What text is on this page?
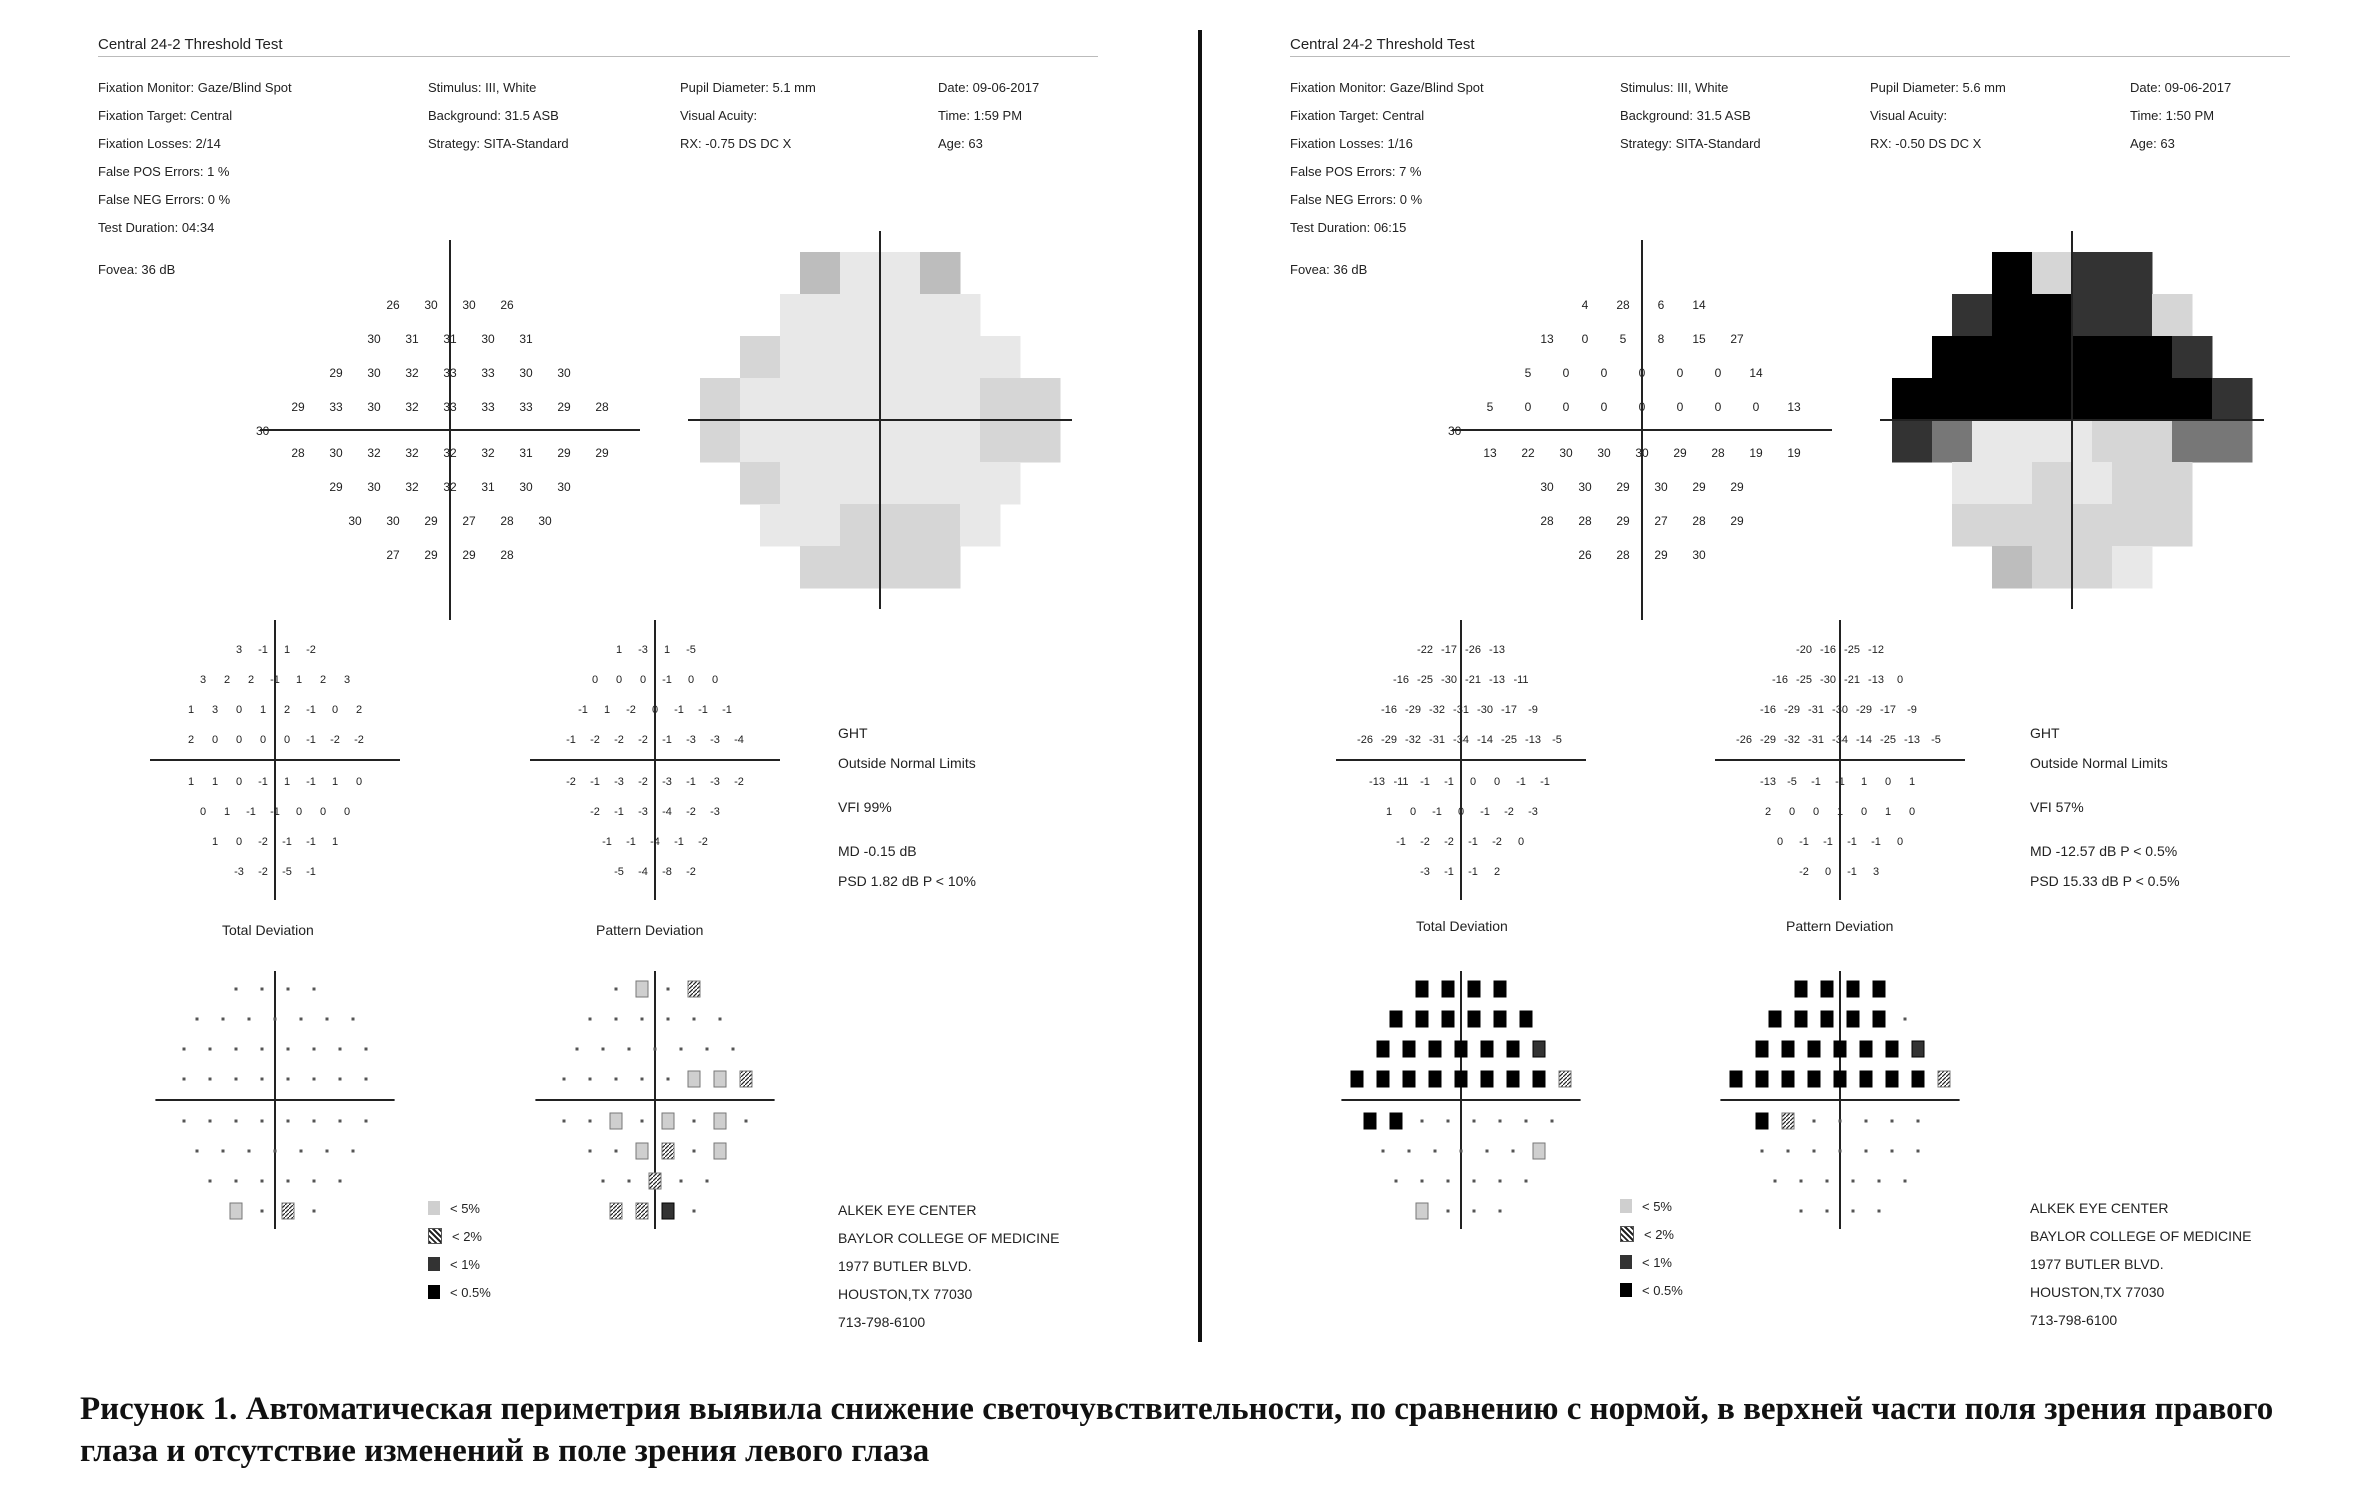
Central 24-2 Threshold Test
Fixation Monitor: Gaze/Blind Spot
Fixation Target: Central
Fixation Losses: 2/14
False POS Errors: 1 %
False NEG Errors: 0 %
Test Duration: 04:34
Stimulus: III, White
Background: 31.5 ASB
Strategy: SITA-Standard
Pupil Diameter: 5.1 mm
Visual Acuity:
RX: -0.75 DS DC X
Date: 09-06-2017
Time: 1:59 PM
Age: 63
Fovea: 36 dB
30
26 30 30 26
30 31 31 30 31
29 30 32 33 33 30 30
29 33 30 32 33 33 33 29 28
28 30 32 32 32 32 31 29 29
29 30 32 32 31 30 30
30 30 29 27 28 30
27 29 29 28
3 -1 1 -2
3 2 2 -1 1 2 3
1 3 0 1 2 -1 0 2
2 0 0 0 0 -1 -2 -2
1 1 0 -1 1 -1 1 0
0 1 -1 -1 0 0 0
1 0 -2 -1 -1 1
-3 -2 -5 -1
1 -3 1 -5
0 0 0 -1 0 0
-1 1 -2 0 -1 -1 -1
-1 -2 -2 -2 -1 -3 -3 -4
-2 -1 -3 -2 -3 -1 -3 -2
-2 -1 -3 -4 -2 -3
-1 -1 -4 -1 -2
-5 -4 -8 -2
GHT
Outside Normal Limits
VFI 99%
MD -0.15 dB
PSD 1.82 dB P < 10%
Total Deviation	Pattern Deviation
< 5%
< 2%
< 1%
< 0.5%
ALKEK EYE CENTER
BAYLOR COLLEGE OF MEDICINE
1977 BUTLER BLVD.
HOUSTON,TX 77030
713-798-6100
Central 24-2 Threshold Test
Fixation Monitor: Gaze/Blind Spot
Fixation Target: Central
Fixation Losses: 1/16
False POS Errors: 7 %
False NEG Errors: 0 %
Test Duration: 06:15
Stimulus: III, White
Background: 31.5 ASB
Strategy: SITA-Standard
Pupil Diameter: 5.6 mm
Visual Acuity:
RX: -0.50 DS DC X
Date: 09-06-2017
Time: 1:50 PM
Age: 63
Fovea: 36 dB
30
4 28 6 14
13 0	5	8 15 27
5	0	0	0	0	0 14
5	0	0	0	0	0	0	0 13
13 22 30 30 30 29 28 19 19
30 30 29 30 29 29
28 28 29 27 28 29
26 28 29 30
-22 -17 -26 -13
-16 -25 -30 -21 -13 -11
-16 -29 -32 -31 -30 -17 -9
-26 -29 -32 -31 -34 -14 -25 -13 -5
-13 -11 -1 -1 0 0 -1 -1
1 0 -1 0 -1 -2 -3
-1 -2 -2 -1 -2 0
-3 -1 -1 2
-20 -16 -25 -12
-16 -25 -30 -21 -13 0
-16 -29 -31 -30 -29 -17 -9
-26 -29 -32 -31 -34 -14 -25 -13 -5
-13 -5 -1 -1 1 0 1
2 0 0 1 0 1 0
0 -1 -1 -1 -1 0
-2 0 -1 3
GHT
Outside Normal Limits
VFI 57%
MD -12.57 dB P < 0.5%
PSD 15.33 dB P < 0.5%
Total Deviation	Pattern Deviation
< 5%
< 2%
< 1%
< 0.5%
ALKEK EYE CENTER
BAYLOR COLLEGE OF MEDICINE
1977 BUTLER BLVD.
HOUSTON,TX 77030
713-798-6100
Рисунок 1. Автоматическая периметрия выявила снижение светочувствительности, по сравнению с нормой, в верхней части поля зрения правого глаза и отсутствие изменений в поле зрения левого глаза
